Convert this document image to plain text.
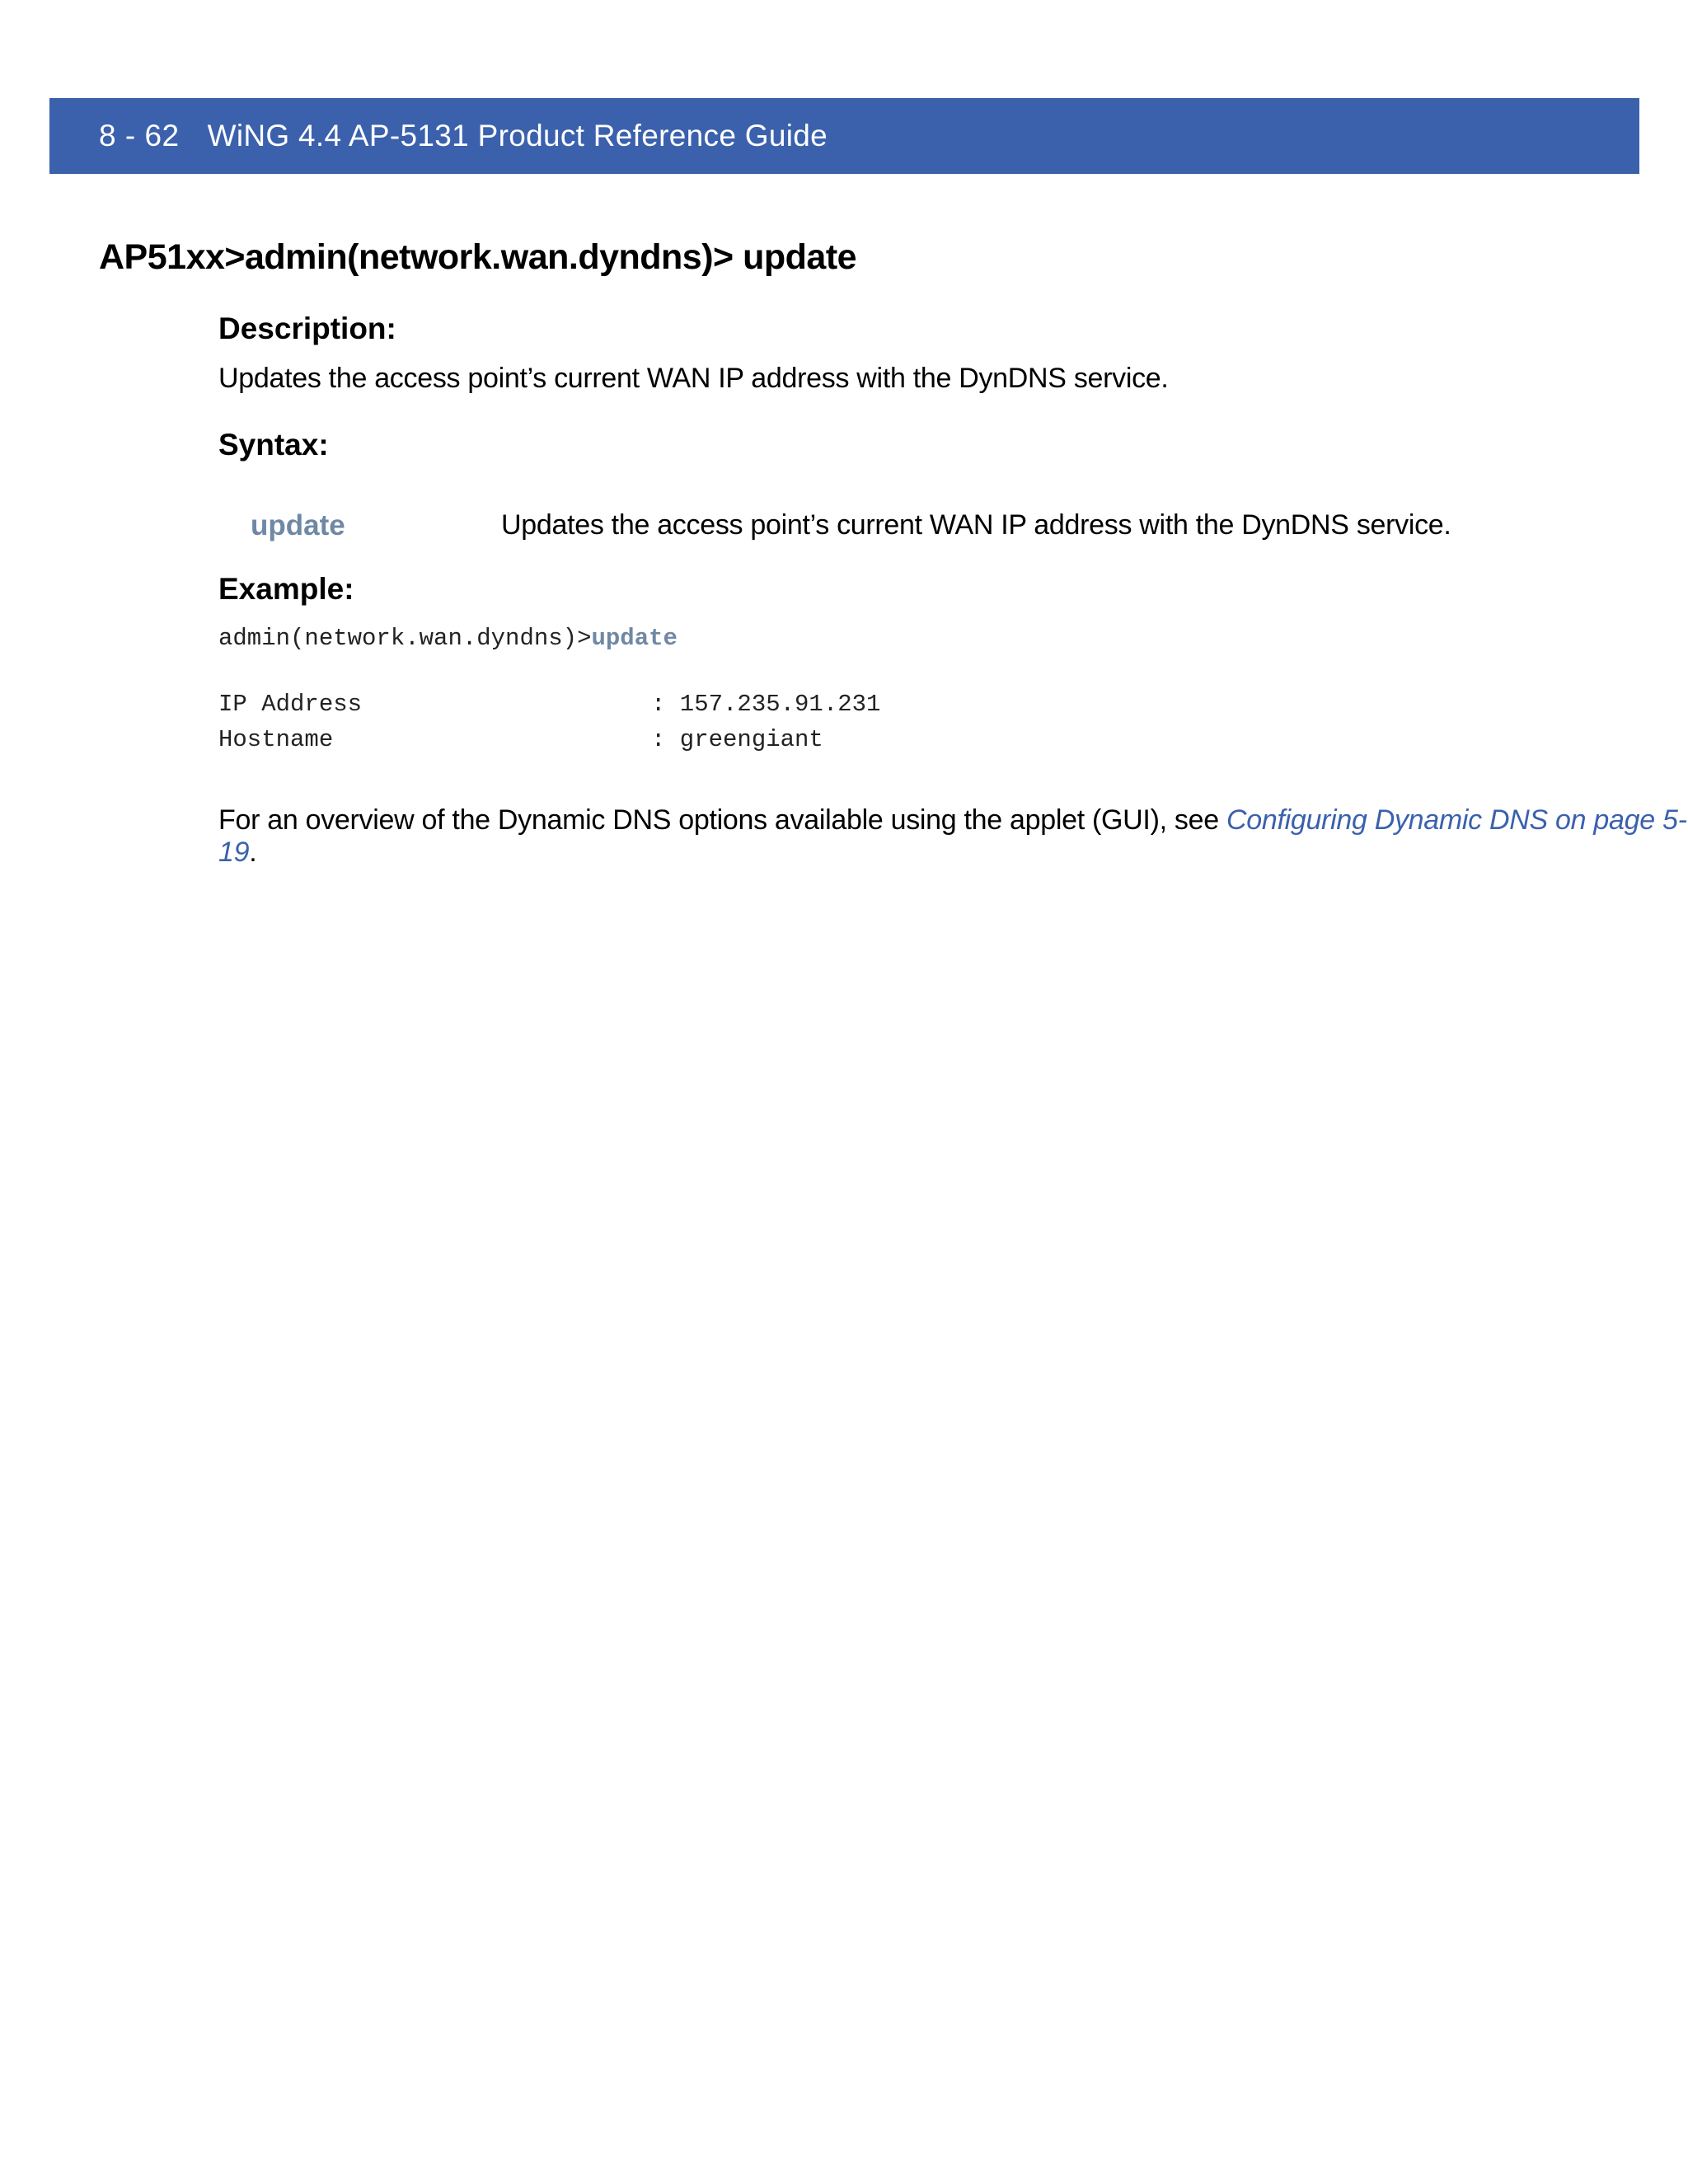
8 - 62 WiNG 4.4 AP-5131 Product Reference Guide
AP51xx>admin(network.wan.dyndns)> update
Description:

Updates the access point’s current WAN IP address with the DynDNS service.

Syntax:
update	Updates the access point’s current WAN IP address with the DynDNS service.
Example:
admin(network.wan.dyndns)>update
IP Address	: 157.235.91.231
Hostname	: greengiant

For an overview of the Dynamic DNS options available using the applet (GUI), see Configuring Dynamic DNS on page 5-19.
